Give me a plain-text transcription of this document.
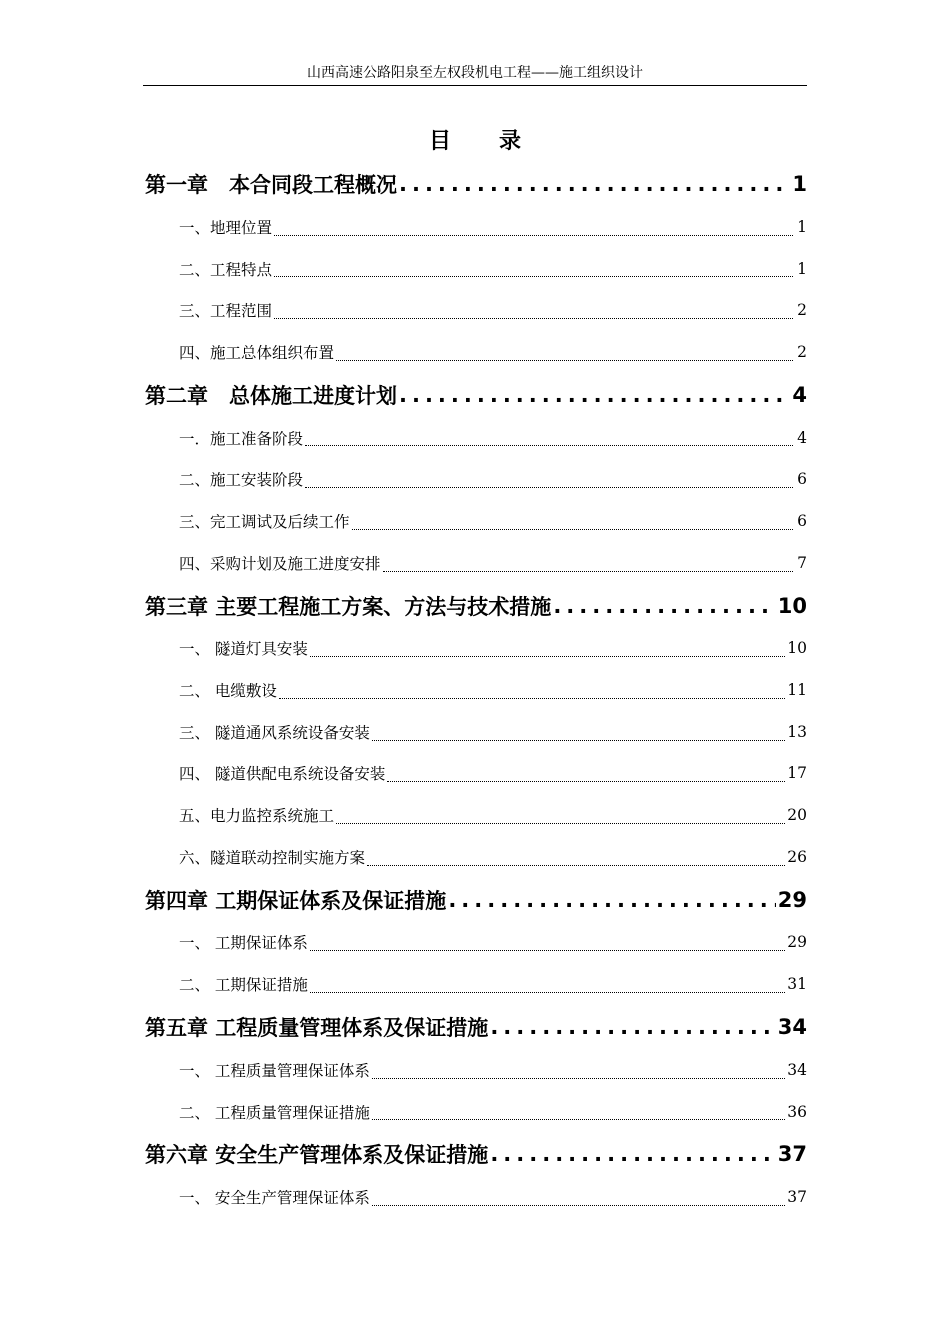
山西高速公路阳泉至左权段机电工程——施工组织设计
目录
第一章　本合同段工程概况 .....	1
一、地理位置	1
二、工程特点	1
三、工程范围	2
四、施工总体组织布置	2
第二章　总体施工进度计划 .....	4
一．施工准备阶段	4
二、施工安装阶段	6
三、完工调试及后续工作	6
四、采购计划及施工进度安排	7
第三章 主要工程施工方案、方法与技术措施 .....	10
一、 隧道灯具安装	10
二、 电缆敷设	11
三、 隧道通风系统设备安装	13
四、 隧道供配电系统设备安装	17
五、电力监控系统施工	20
六、隧道联动控制实施方案	26
第四章 工期保证体系及保证措施 .....	29
一、 工期保证体系	29
二、 工期保证措施	31
第五章 工程质量管理体系及保证措施 .....	34
一、 工程质量管理保证体系	34
二、 工程质量管理保证措施	36
第六章 安全生产管理体系及保证措施 .....	37
一、 安全生产管理保证体系	37
